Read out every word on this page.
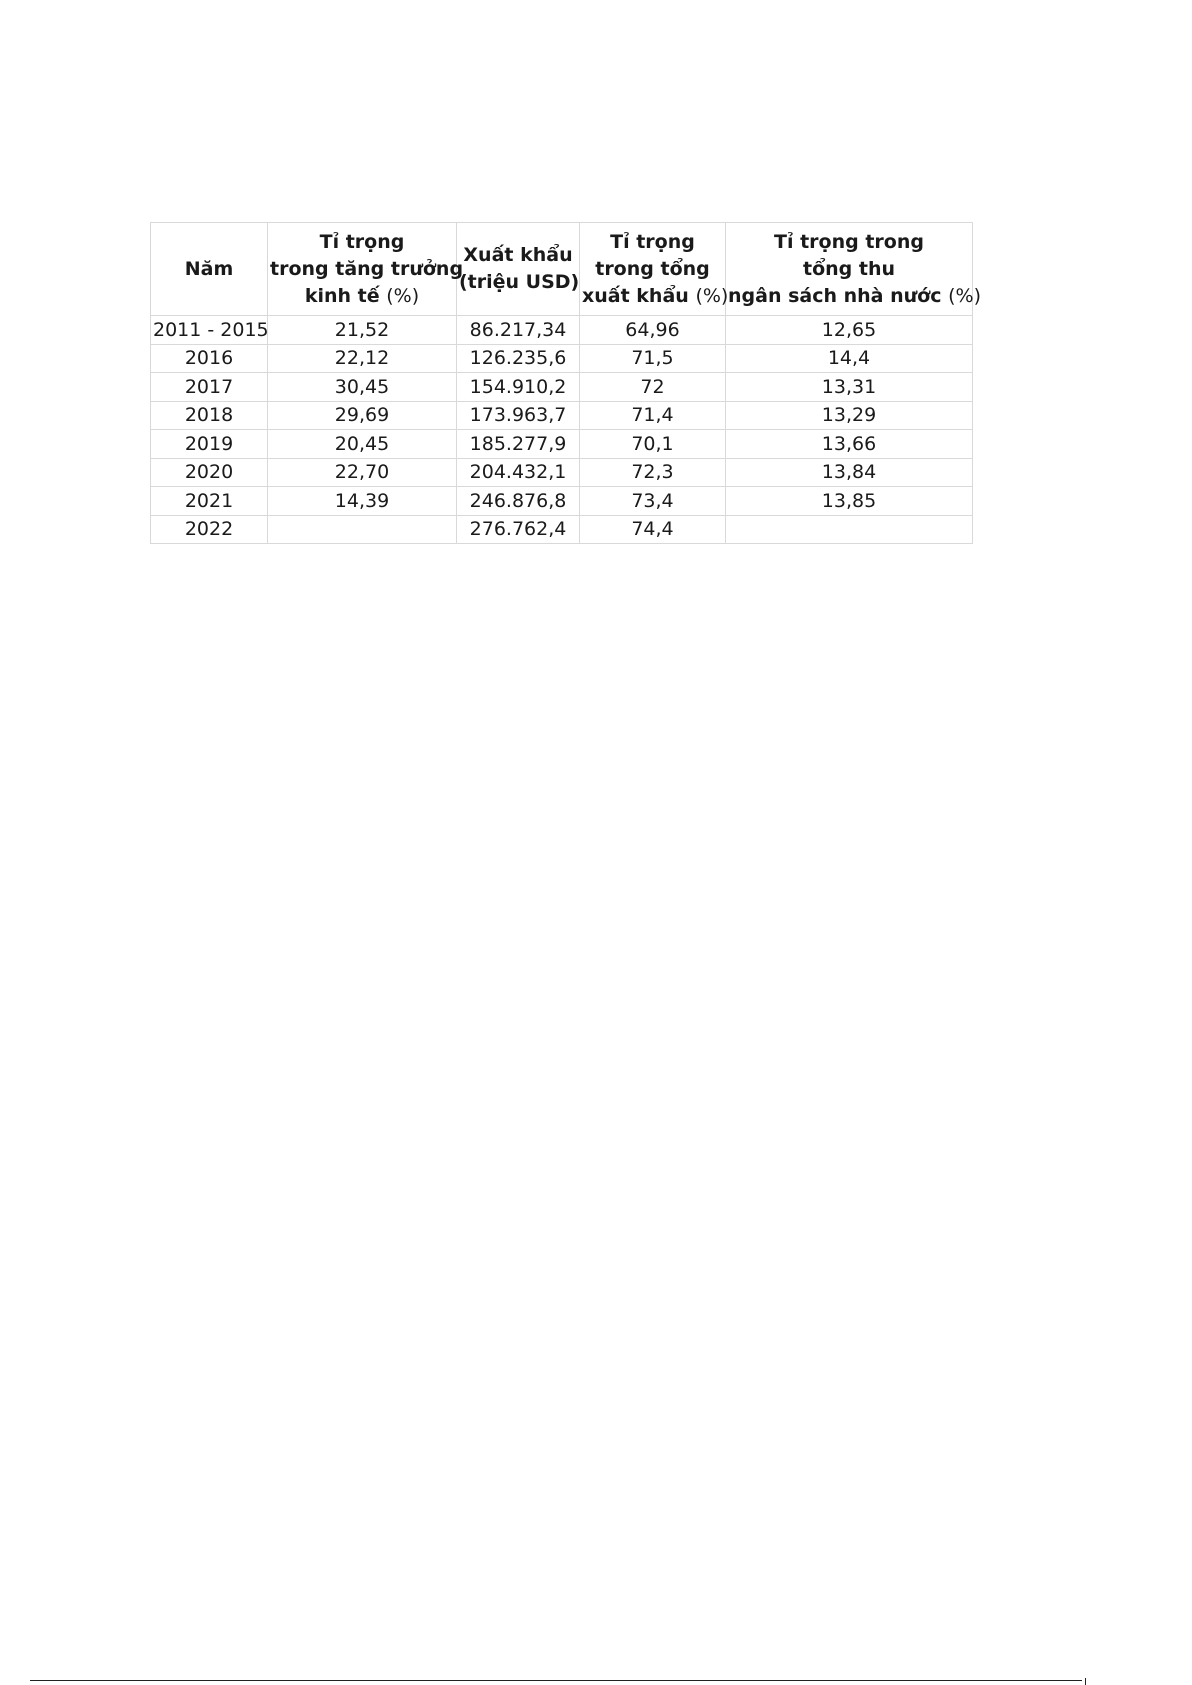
Năm	Tỉ trọng
trong tăng trưởng
kinh tế (%)	Xuất khẩu
(triệu USD)	Tỉ trọng
trong tổng
xuất khẩu (%)	Tỉ trọng trong
tổng thu
ngân sách nhà nước (%)

2011 - 2015	21,52	86.217,34	64,96	12,65
2016	22,12	126.235,6	71,5	14,4
2017	30,45	154.910,2	72	13,31
2018	29,69	173.963,7	71,4	13,29
2019	20,45	185.277,9	70,1	13,66
2020	22,70	204.432,1	72,3	13,84
2021	14,39	246.876,8	73,4	13,85
2022		276.762,4	74,4	
